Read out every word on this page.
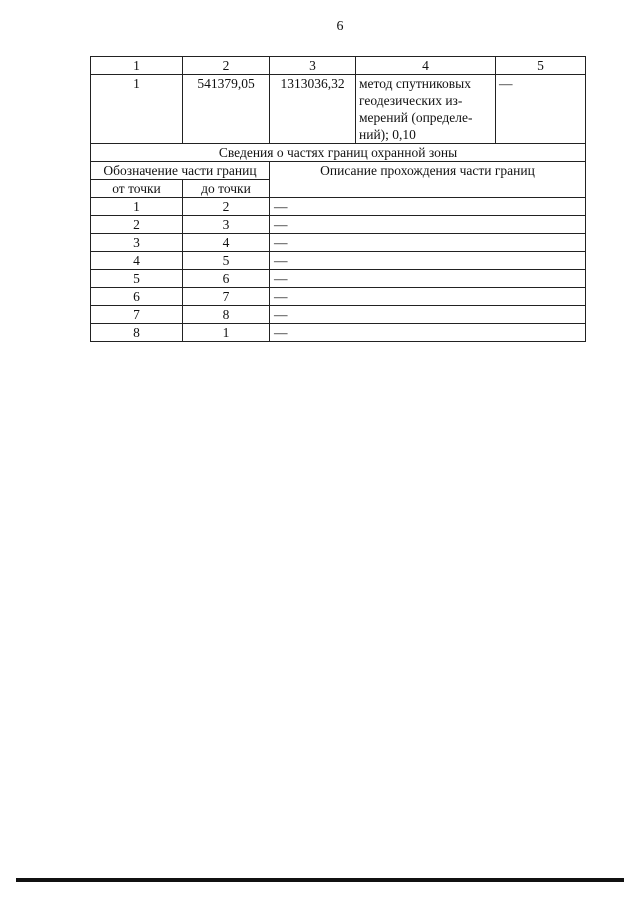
6
1	2	3	4	5
1	541379,05	1313036,32	метод спутниковых
геодезических из-
мерений (определе-
ний); 0,10	—
Сведения о частях границ охранной зоны				
Обозначение части границ		Описание прохождения части границ		
от точки	до точки			
1	2	—		
2	3	—		
3	4	—		
4	5	—		
5	6	—		
6	7	—		
7	8	—		
8	1	—		
